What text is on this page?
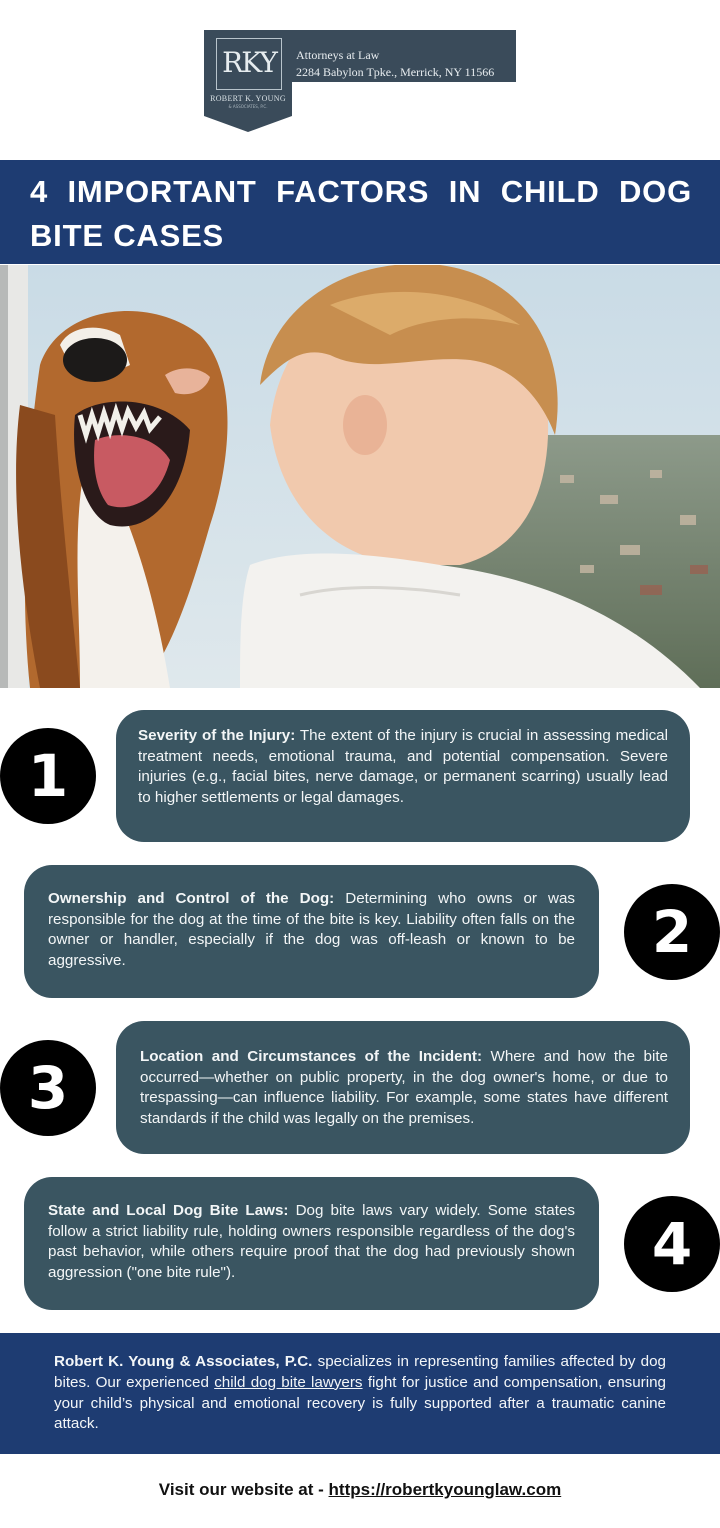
RKY
ROBERT K. YOUNG
& ASSOCIATES, P.C.
Attorneys at Law
2284 Babylon Tpke., Merrick, NY 11566
4 IMPORTANT FACTORS IN CHILD DOG BITE CASES
1
Severity of the Injury: The extent of the injury is crucial in assessing medical treatment needs, emotional trauma, and potential compensation. Severe injuries (e.g., facial bites, nerve damage, or permanent scarring) usually lead to higher settlements or legal damages.
Ownership and Control of the Dog: Determining who owns or was responsible for the dog at the time of the bite is key. Liability often falls on the owner or handler, especially if the dog was off-leash or known to be aggressive.	2
3	Location and Circumstances of the Incident: Where and how the bite occurred—whether on public property, in the dog owner's home, or due to trespassing—can influence liability. For example, some states have different standards if the child was legally on the premises.
State and Local Dog Bite Laws: Dog bite laws vary widely. Some states follow a strict liability rule, holding owners responsible regardless of the dog's past behavior, while others require proof that the dog had previously shown aggression ("one bite rule").	4
Robert K. Young & Associates, P.C. specializes in representing families affected by dog bites. Our experienced child dog bite lawyers fight for justice and compensation, ensuring your child’s physical and emotional recovery is fully supported after a traumatic canine attack.
Visit our website at - https://robertkyounglaw.com
